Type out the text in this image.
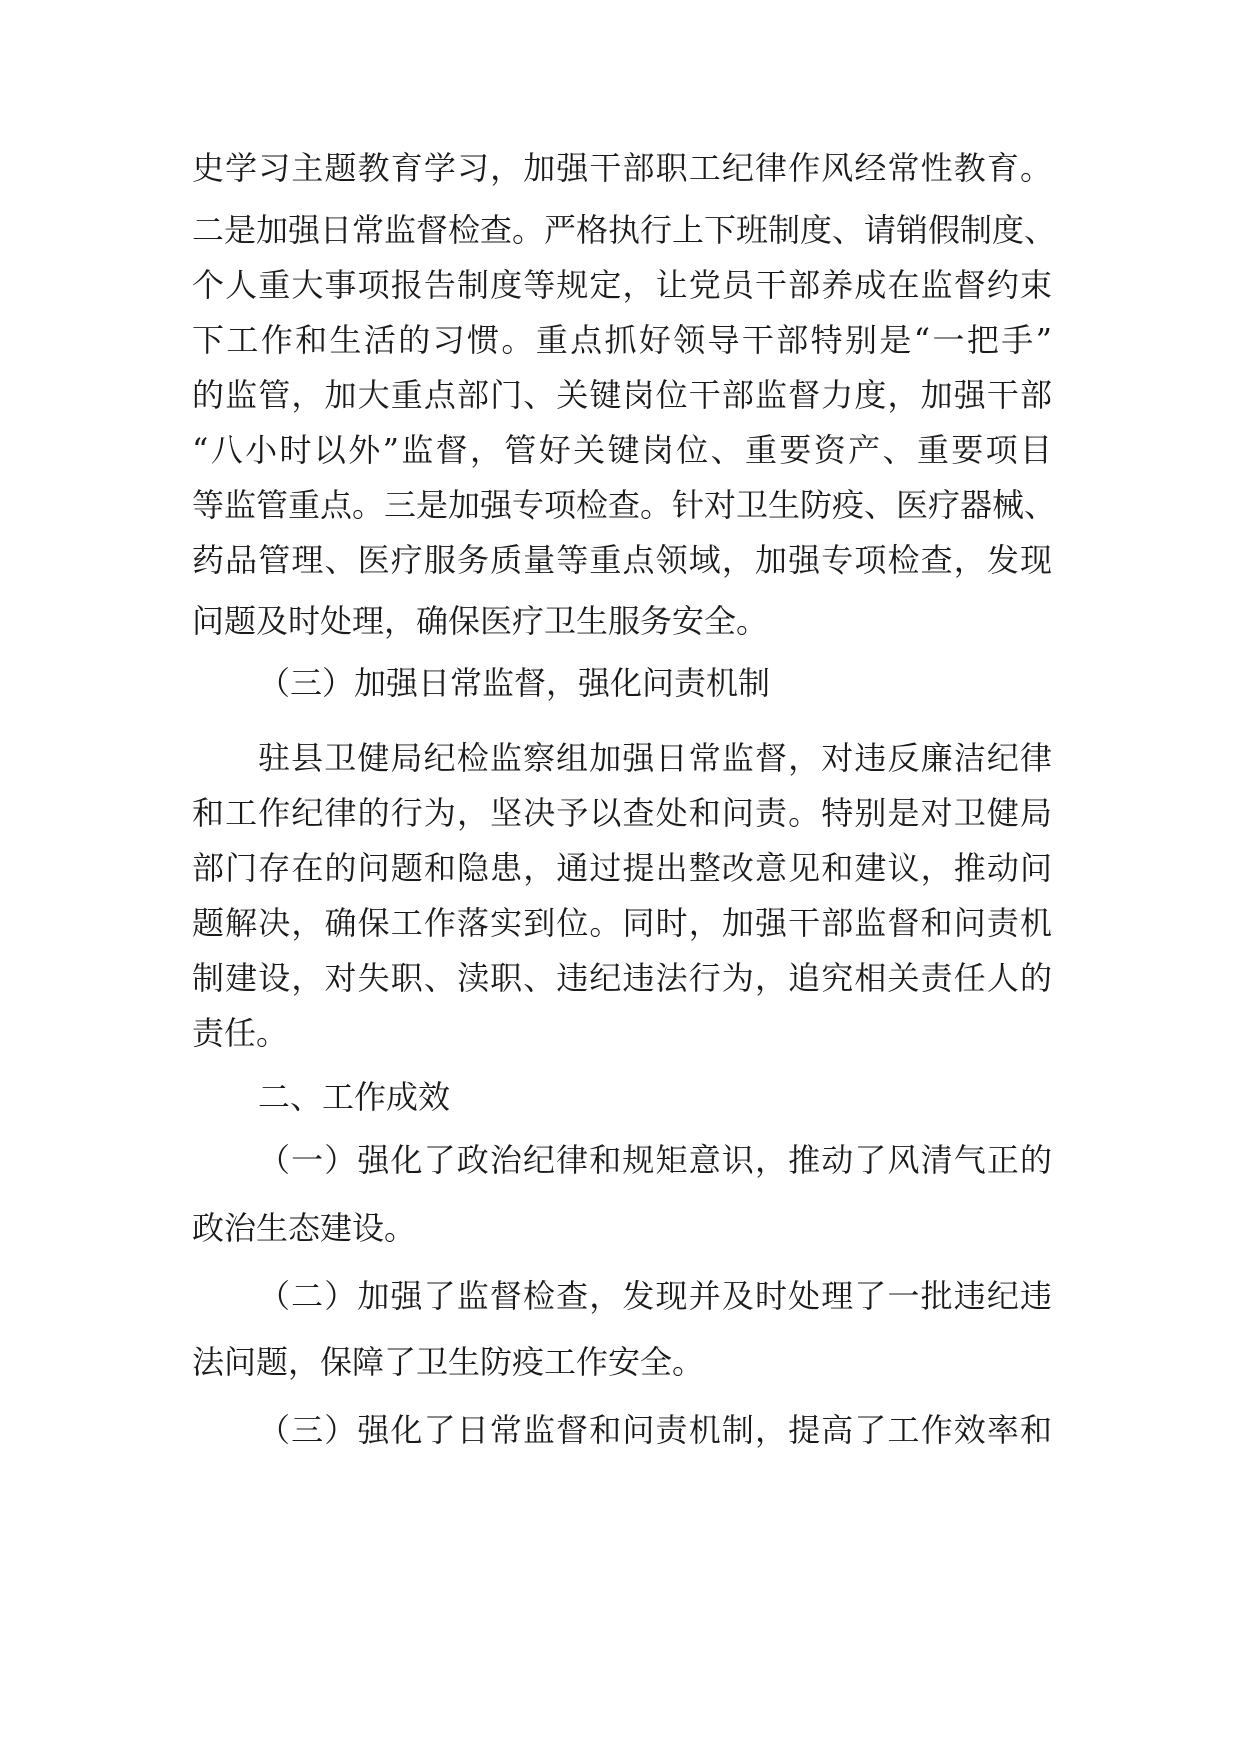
史学习主题教育学习，加强干部职工纪律作风经常性教育。

二是加强日常监督检查。严格执行上下班制度、请销假制度、

个人重大事项报告制度等规定，让党员干部养成在监督约束

下工作和生活的习惯。重点抓好领导干部特别是“一把手”

的监管，加大重点部门、关键岗位干部监督力度，加强干部

“八小时以外”监督，管好关键岗位、重要资产、重要项目

等监管重点。三是加强专项检查。针对卫生防疫、医疗器械、

药品管理、医疗服务质量等重点领域，加强专项检查，发现

问题及时处理，确保医疗卫生服务安全。

（三）加强日常监督，强化问责机制

驻县卫健局纪检监察组加强日常监督，对违反廉洁纪律

和工作纪律的行为，坚决予以查处和问责。特别是对卫健局

部门存在的问题和隐患，通过提出整改意见和建议，推动问

题解决，确保工作落实到位。同时，加强干部监督和问责机

制建设，对失职、渎职、违纪违法行为，追究相关责任人的

责任。

二、工作成效

（一）强化了政治纪律和规矩意识，推动了风清气正的

政治生态建设。

（二）加强了监督检查，发现并及时处理了一批违纪违

法问题，保障了卫生防疫工作安全。

（三）强化了日常监督和问责机制，提高了工作效率和
